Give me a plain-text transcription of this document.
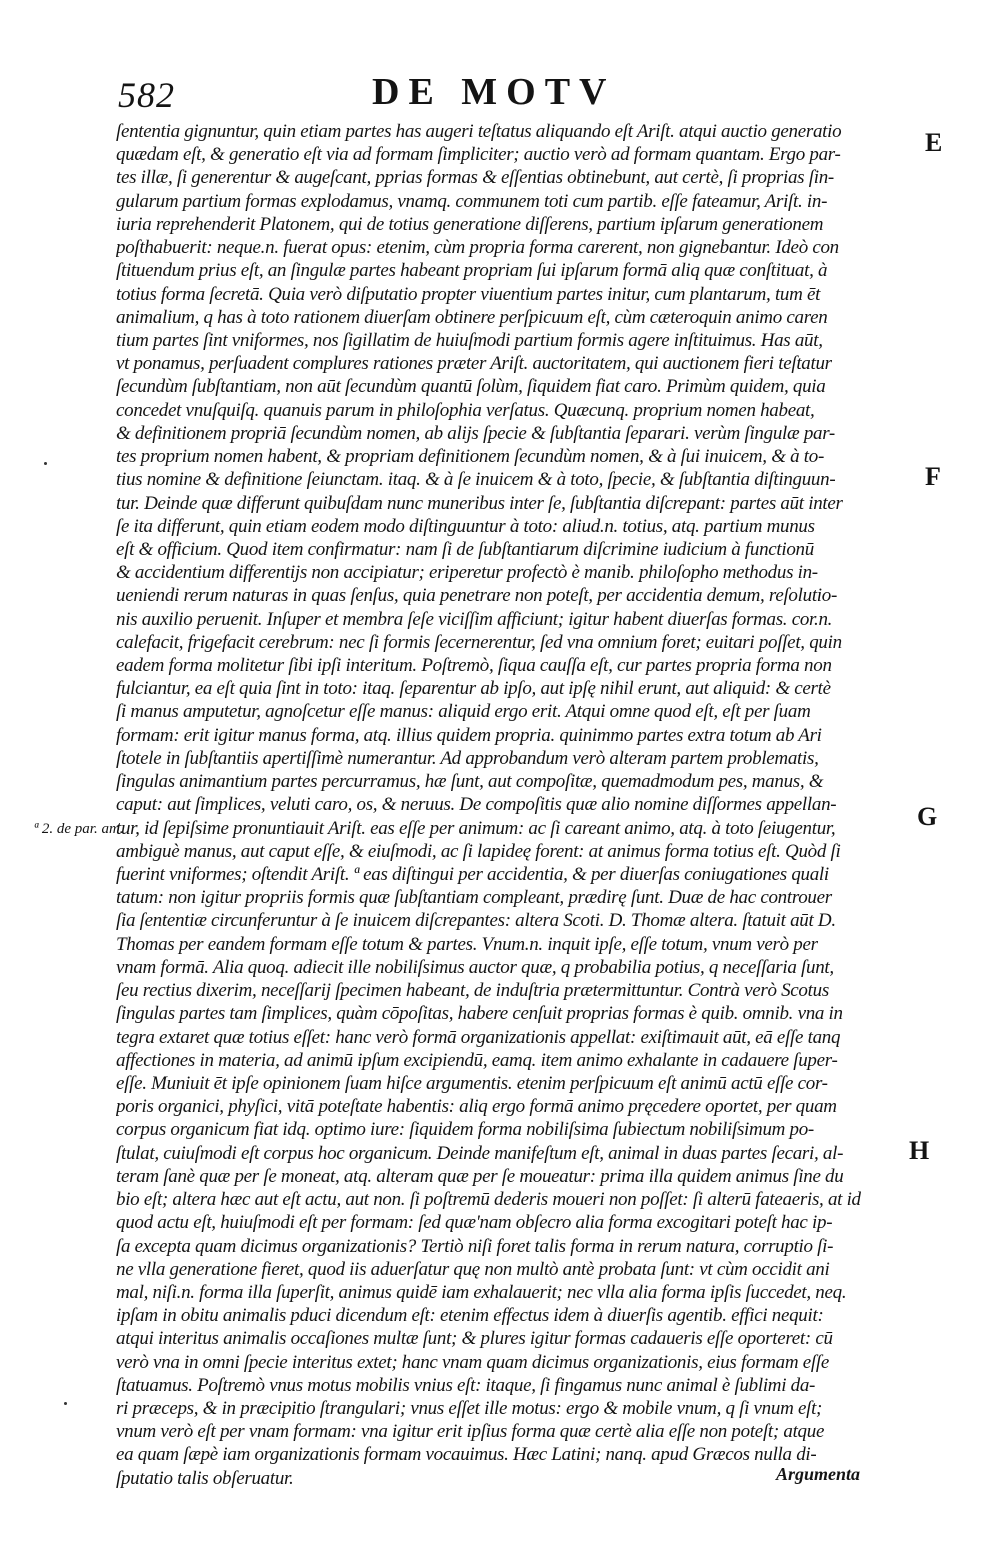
582	DE MOTV
ſententia gignuntur, quin etiam partes has augeri teſtatus aliquando eſt Ariſt. atqui auctio generatio
quædam eſt, & generatio eſt via ad formam ſimpliciter; auctio verò ad formam quantam. Ergo par-
tes illæ, ſi generentur & augeſcant, pprias formas & eſſentias obtinebunt, aut certè, ſi proprias ſin-
gularum partium formas explodamus, vnamq. communem toti cum partib. eſſe fateamur, Ariſt. in-
iuria reprehenderit Platonem, qui de totius generatione diſſerens, partium ipſarum generationem
poſthabuerit: neque.n. fuerat opus: etenim, cùm propria forma carerent, non gignebantur. Ideò con
ſtituendum prius eſt, an ſingulæ partes habeant propriam ſui ipſarum formā aliq quæ conſtituat, à
totius forma ſecretā. Quia verò diſputatio propter viuentium partes initur, cum plantarum, tum ēt
animalium, q has à toto rationem diuerſam obtinere perſpicuum eſt, cùm cæteroquin animo caren
tium partes ſint vniformes, nos ſigillatim de huiuſmodi partium formis agere inſtituimus. Has aūt,
vt ponamus, perſuadent complures rationes præter Ariſt. auctoritatem, qui auctionem fieri teſtatur
ſecundùm ſubſtantiam, non aūt ſecundùm quantū ſolùm, ſiquidem fiat caro. Primùm quidem, quia
concedet vnuſquiſq. quanuis parum in philoſophia verſatus. Quæcunq. proprium nomen habeat,
& definitionem propriā ſecundùm nomen, ab alijs ſpecie & ſubſtantia ſeparari. verùm ſingulæ par-
tes proprium nomen habent, & propriam definitionem ſecundùm nomen, & à ſui inuicem, & à to-
tius nomine & definitione ſeiunctam. itaq. & à ſe inuicem & à toto, ſpecie, & ſubſtantia diſtinguun-
tur. Deinde quæ differunt quibuſdam nunc muneribus inter ſe, ſubſtantia diſcrepant: partes aūt inter
ſe ita differunt, quin etiam eodem modo diſtinguuntur à toto: aliud.n. totius, atq. partium munus
eſt & officium. Quod item confirmatur: nam ſi de ſubſtantiarum diſcrimine iudicium à functionū
& accidentium differentijs non accipiatur; eriperetur profectò è manib. philoſopho methodus in-
ueniendi rerum naturas in quas ſenſus, quia penetrare non poteſt, per accidentia demum, reſolutio-
nis auxilio peruenit. Inſuper et membra ſeſe viciſſim afficiunt; igitur habent diuerſas formas. cor.n.
calefacit, frigefacit cerebrum: nec ſi formis ſecernerentur, ſed vna omnium foret; euitari poſſet, quin
eadem forma molitetur ſibi ipſi interitum. Poſtremò, ſiqua cauſſa eſt, cur partes propria forma non
fulciantur, ea eſt quia ſint in toto: itaq. ſeparentur ab ipſo, aut ipſę nihil erunt, aut aliquid: & certè
ſi manus amputetur, agnoſcetur eſſe manus: aliquid ergo erit. Atqui omne quod eſt, eſt per ſuam
formam: erit igitur manus forma, atq. illius quidem propria. quinimmo partes extra totum ab Ari
ſtotele in ſubſtantiis apertiſſimè numerantur. Ad approbandum verò alteram partem problematis,
ſingulas animantium partes percurramus, hæ ſunt, aut compoſitæ, quemadmodum pes, manus, &
caput: aut ſimplices, veluti caro, os, & neruus. De compoſitis quæ alio nomine diſſormes appellan-
tur, id ſepiſsime pronuntiauit Ariſt. eas eſſe per animum: ac ſi careant animo, atq. à toto ſeiugentur,
ambiguè manus, aut caput eſſe, & eiuſmodi, ac ſi lapideę forent: at animus forma totius eſt. Quòd ſi
fuerint vniformes; oſtendit Ariſt. ª eas diſtingui per accidentia, & per diuerſas coniugationes quali
tatum: non igitur propriis formis quæ ſubſtantiam compleant, prædirę ſunt. Duæ de hac controuer
ſia ſententiæ circunferuntur à ſe inuicem diſcrepantes: altera Scoti. D. Thomæ altera. ſtatuit aūt D.
Thomas per eandem formam eſſe totum & partes. Vnum.n. inquit ipſe, eſſe totum, vnum verò per
vnam formā. Alia quoq. adiecit ille nobiliſsimus auctor quæ, q probabilia potius, q neceſſaria ſunt,
ſeu rectius dixerim, neceſſarij ſpecimen habeant, de induſtria prætermittuntur. Contrà verò Scotus
ſingulas partes tam ſimplices, quàm cōpoſitas, habere cenſuit proprias formas è quib. omnib. vna in
tegra extaret quæ totius eſſet: hanc verò formā organizationis appellat: exiſtimauit aūt, eā eſſe tanq
affectiones in materia, ad animū ipſum excipiendū, eamq. item animo exhalante in cadauere ſuper-
eſſe. Muniuit ēt ipſe opinionem ſuam hiſce argumentis. etenim perſpicuum eſt animū actū eſſe cor-
poris organici, phyſici, vitā poteſtate habentis: aliq ergo formā animo pręcedere oportet, per quam
corpus organicum fiat idq. optimo iure: ſiquidem forma nobiliſsima ſubiectum nobiliſsimum po-
ſtulat, cuiuſmodi eſt corpus hoc organicum. Deinde manifeſtum eſt, animal in duas partes ſecari, al-
teram ſanè quæ per ſe moneat, atq. alteram quæ per ſe moueatur: prima illa quidem animus ſine du
bio eſt; altera hæc aut eſt actu, aut non. ſi poſtremū dederis moueri non poſſet: ſi alterū fateaeris, at id
quod actu eſt, huiuſmodi eſt per formam: ſed quæ'nam obſecro alia forma excogitari poteſt hac ip-
ſa excepta quam dicimus organizationis? Tertiò niſi foret talis forma in rerum natura, corruptio ſi-
ne vlla generatione fieret, quod iis aduerſatur quę non multò antè probata ſunt: vt cùm occidit ani
mal, niſi.n. forma illa ſuperſit, animus quidē iam exhalauerit; nec vlla alia forma ipſis ſuccedet, neq.
ipſam in obitu animalis pduci dicendum eſt: etenim effectus idem à diuerſis agentib. effici nequit:
atqui interitus animalis occaſiones multæ ſunt; & plures igitur formas cadaueris eſſe oporteret: cū
verò vna in omni ſpecie interitus extet; hanc vnam quam dicimus organizationis, eius formam eſſe
ſtatuamus. Poſtremò vnus motus mobilis vnius eſt: itaque, ſi fingamus nunc animal è ſublimi da-
ri præceps, & in præcipitio ſtrangulari; vnus eſſet ille motus: ergo & mobile vnum, q ſi vnum eſt;
vnum verò eſt per vnam formam: vna igitur erit ipſius forma quæ certè alia eſſe non poteſt; atque
ea quam ſæpè iam organizationis formam vocauimus. Hæc Latini; nanq. apud Græcos nulla di-
ſputatio talis obſeruatur.
E
F
G
H
ª 2. de par. am.
Argumenta
